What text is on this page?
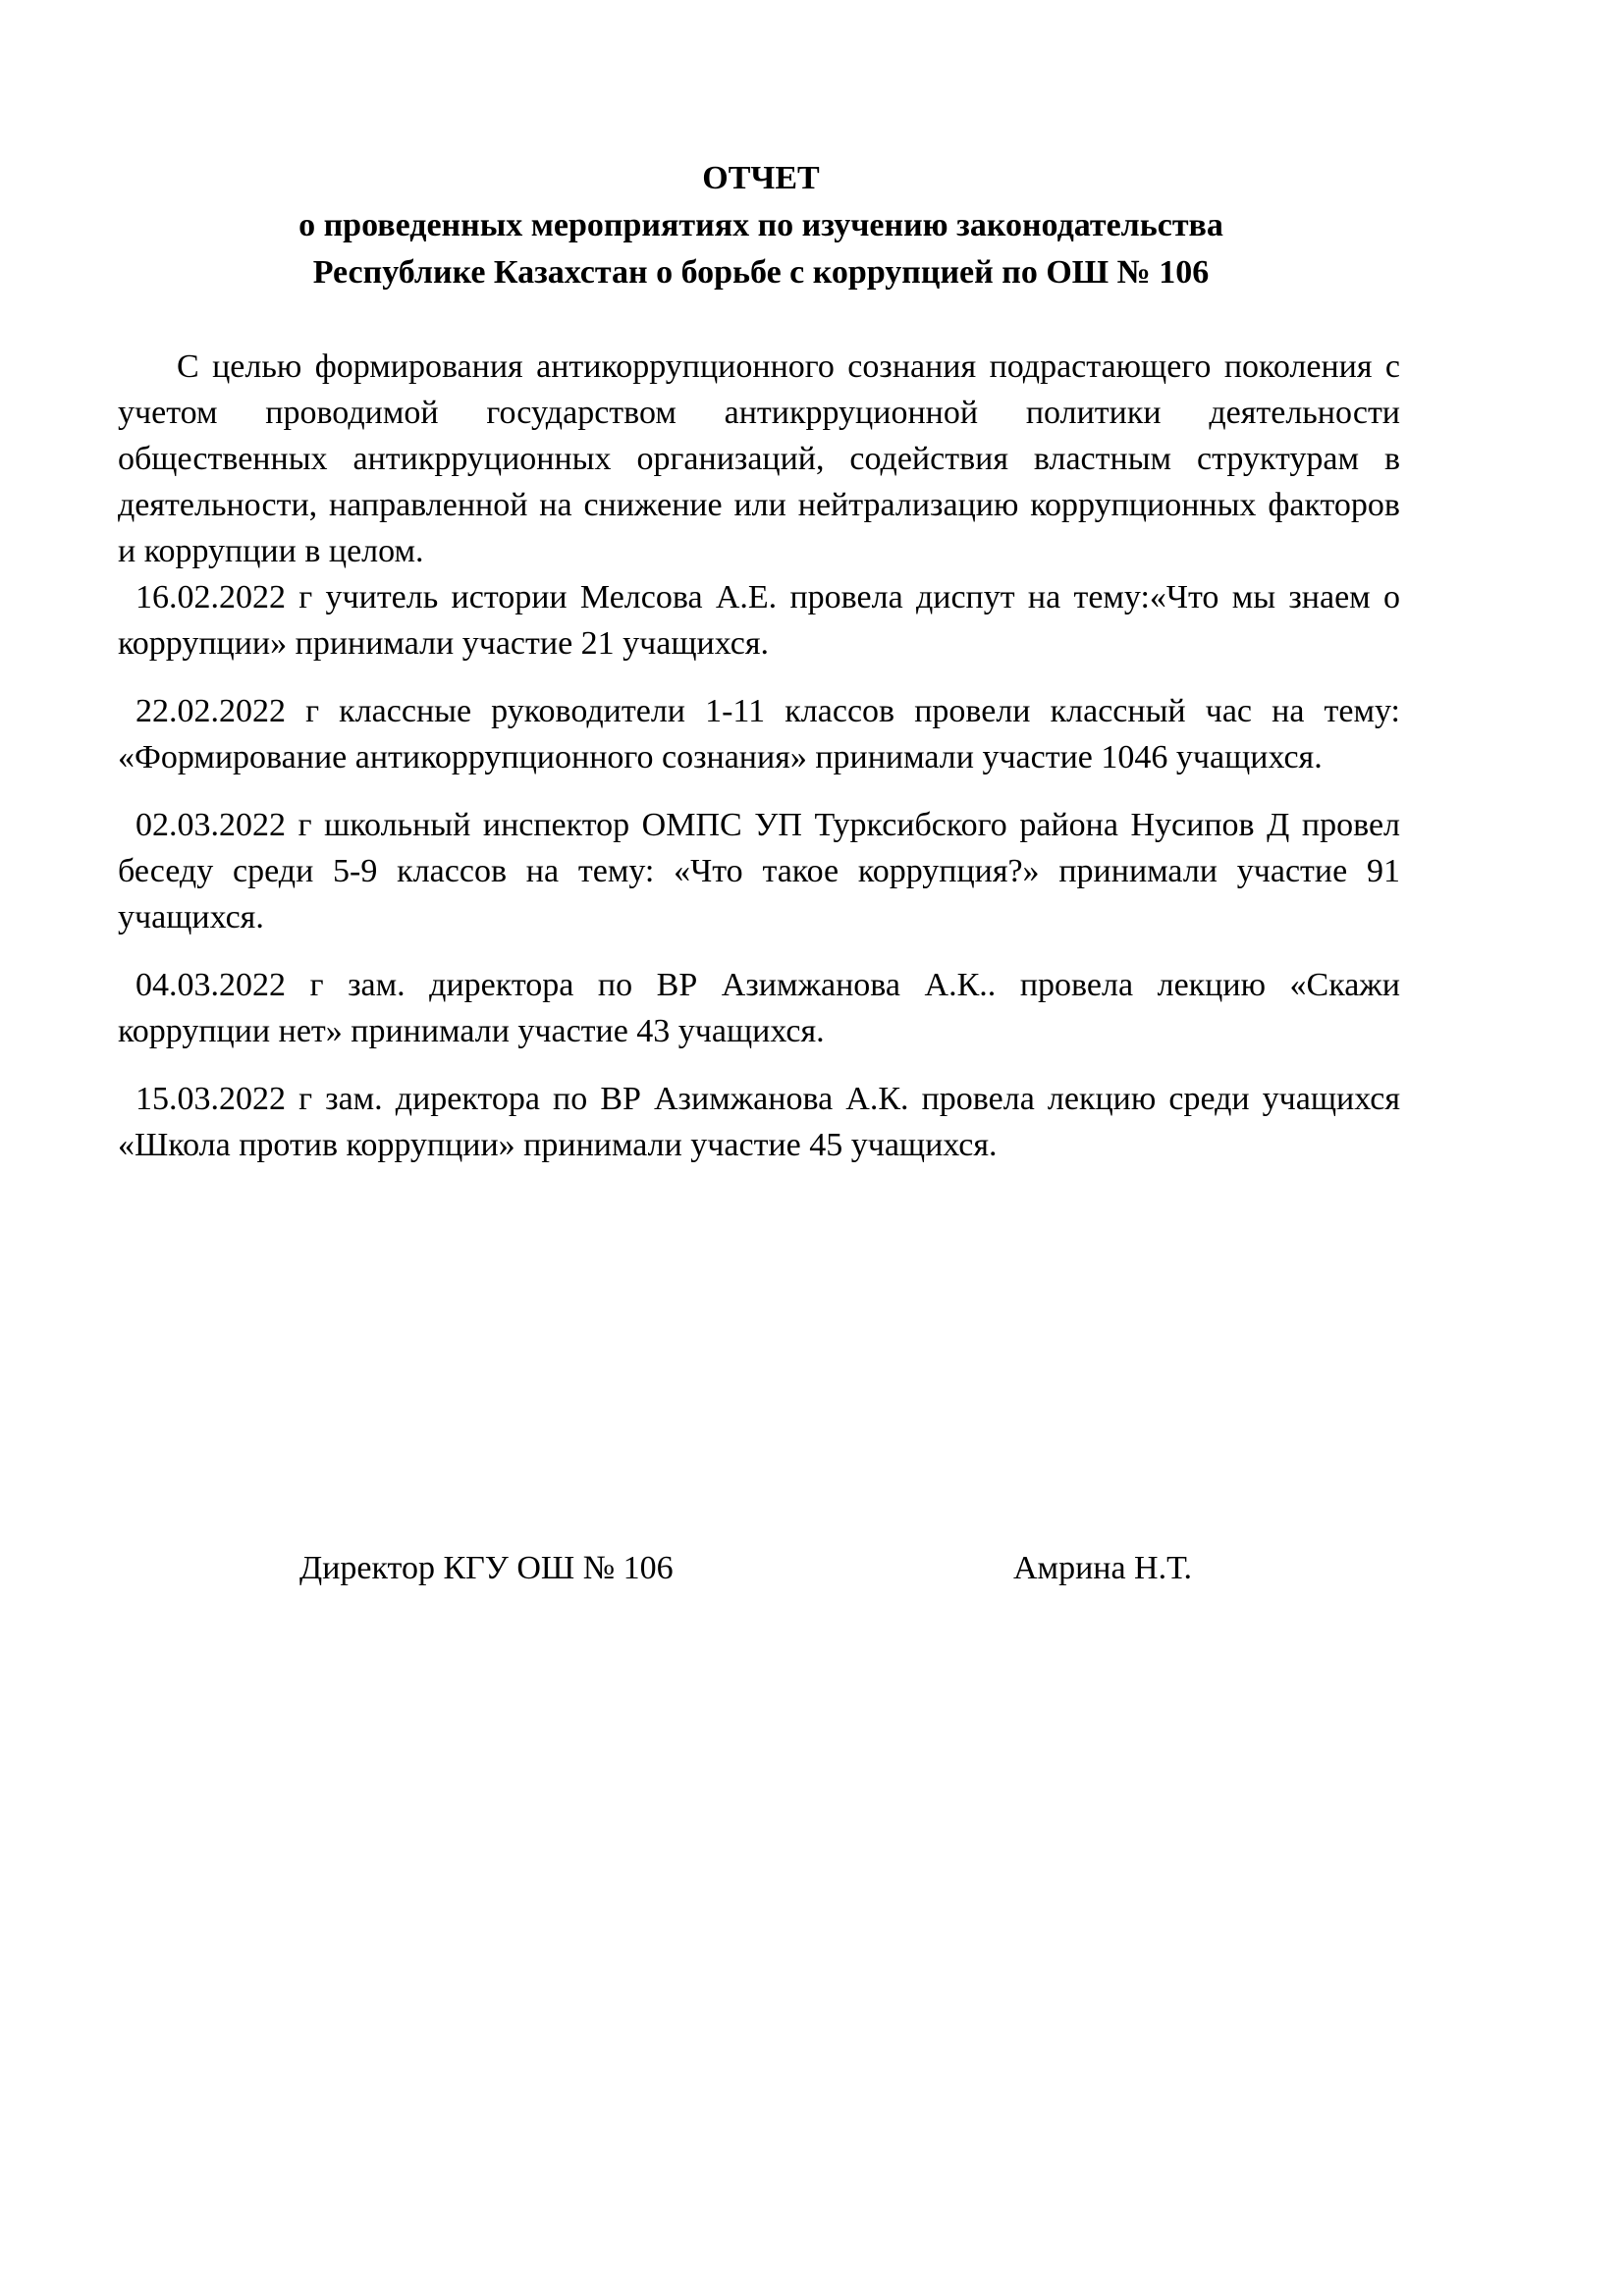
ОТЧЕТ
о проведенных мероприятиях по изучению законодательства
Республике Казахстан о борьбе с коррупцией по ОШ № 106

С целью формирования антикоррупционного сознания подрастающего поколения с учетом проводимой государством антикрруционной политики деятельности общественных антикрруционных организаций, содействия властным структурам в деятельности, направленной на снижение или нейтрализацию коррупционных факторов и коррупции в целом.

16.02.2022 г учитель истории Мелсова А.Е. провела диспут на тему:«Что мы знаем о коррупции» принимали участие 21 учащихся.

22.02.2022 г классные руководители 1-11 классов провели классный час на тему: «Формирование антикоррупционного сознания» принимали участие 1046 учащихся.

02.03.2022 г школьный инспектор ОМПС УП Турксибского района Нусипов Д провел беседу среди 5-9 классов на тему: «Что такое коррупция?» принимали участие 91 учащихся.

04.03.2022 г зам. директора по ВР Азимжанова А.К.. провела лекцию «Скажи коррупции нет» принимали участие 43 учащихся.

15.03.2022 г зам. директора по ВР Азимжанова А.К. провела лекцию среди учащихся «Школа против коррупции» принимали участие 45 учащихся.

Директор КГУ ОШ № 106	Амрина Н.Т.
